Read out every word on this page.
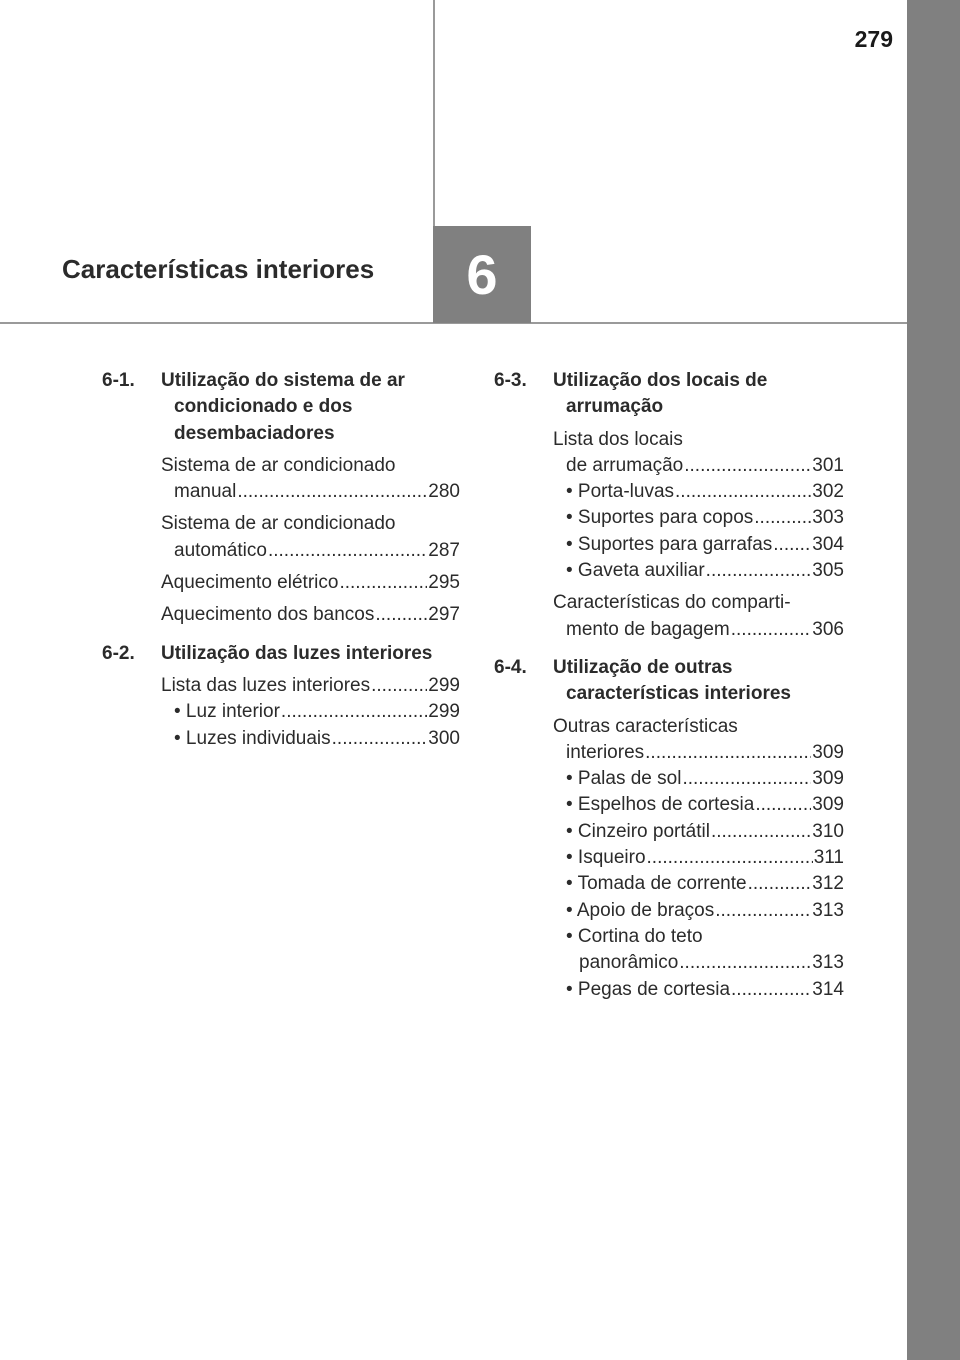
279
Características interiores	6
6-1.	Utilização do sistema de ar condicionado e dos desembaciadores
Sistema de ar condicionado
manual .....	280
Sistema de ar condicionado
automático .....	287
Aquecimento elétrico .....	295
Aquecimento dos bancos .....	297
6-2.	Utilização das luzes interiores
Lista das luzes interiores .....	299
• Luz interior .....	299
• Luzes individuais .....	300
6-3.	Utilização dos locais de arrumação
Lista dos locais
de arrumação .....	301
• Porta-luvas .....	302
• Suportes para copos .....	303
• Suportes para garrafas ..... 304
• Gaveta auxiliar .....	305
Características do comparti-
mento de bagagem .....	306
6-4.	Utilização de outras características interiores
Outras características
interiores .....	309
• Palas de sol .....	309
• Espelhos de cortesia .....	309
• Cinzeiro portátil .....	310
• Isqueiro .....	311
• Tomada de corrente .....	312
• Apoio de braços .....	313
• Cortina do teto
panorâmico .....	313
• Pegas de cortesia .....	314
